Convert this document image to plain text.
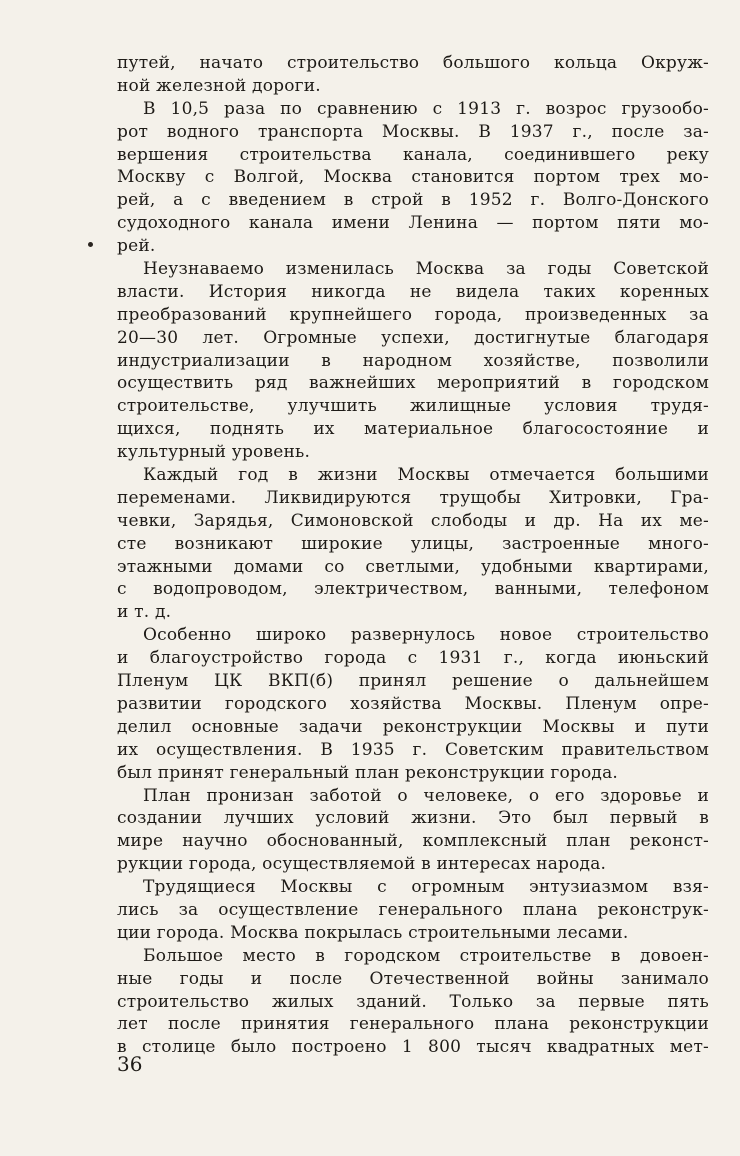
путей, начато строительство большого кольца Окруж-
ной железной дороги.
В 10,5 раза по сравнению с 1913 г. возрос грузообо-
рот водного транспорта Москвы. В 1937 г., после за-
вершения строительства канала, соединившего реку
Москву с Волгой, Москва становится портом трех мо-
рей, а с введением в строй в 1952 г. Волго-Донского
судоходного канала имени Ленина — портом пяти мо-
рей.
Неузнаваемо изменилась Москва за годы Советской
власти. История никогда не видела таких коренных
преобразований крупнейшего города, произведенных за
20—30 лет. Огромные успехи, достигнутые благодаря
индустриализации в народном хозяйстве, позволили
осуществить ряд важнейших мероприятий в городском
строительстве, улучшить жилищные условия трудя-
щихся, поднять их материальное благосостояние и
культурный уровень.
Каждый год в жизни Москвы отмечается большими
переменами. Ликвидируются трущобы Хитровки, Гра-
чевки, Зарядья, Симоновской слободы и др. На их ме-
сте возникают широкие улицы, застроенные много-
этажными домами со светлыми, удобными квартирами,
с водопроводом, электричеством, ванными, телефоном
и т. д.
Особенно широко развернулось новое строительство
и благоустройство города с 1931 г., когда июньский
Пленум ЦК ВКП(б) принял решение о дальнейшем
развитии городского хозяйства Москвы. Пленум опре-
делил основные задачи реконструкции Москвы и пути
их осуществления. В 1935 г. Советским правительством
был принят генеральный план реконструкции города.
План пронизан заботой о человеке, о его здоровье и
создании лучших условий жизни. Это был первый в
мире научно обоснованный, комплексный план реконст-
рукции города, осуществляемой в интересах народа.
Трудящиеся Москвы с огромным энтузиазмом взя-
лись за осуществление генерального плана реконструк-
ции города. Москва покрылась строительными лесами.
Большое место в городском строительстве в довоен-
ные годы и после Отечественной войны занимало
строительство жилых зданий. Только за первые пять
лет после принятия генерального плана реконструкции
в столице было построено 1 800 тысяч квадратных мет-
36
